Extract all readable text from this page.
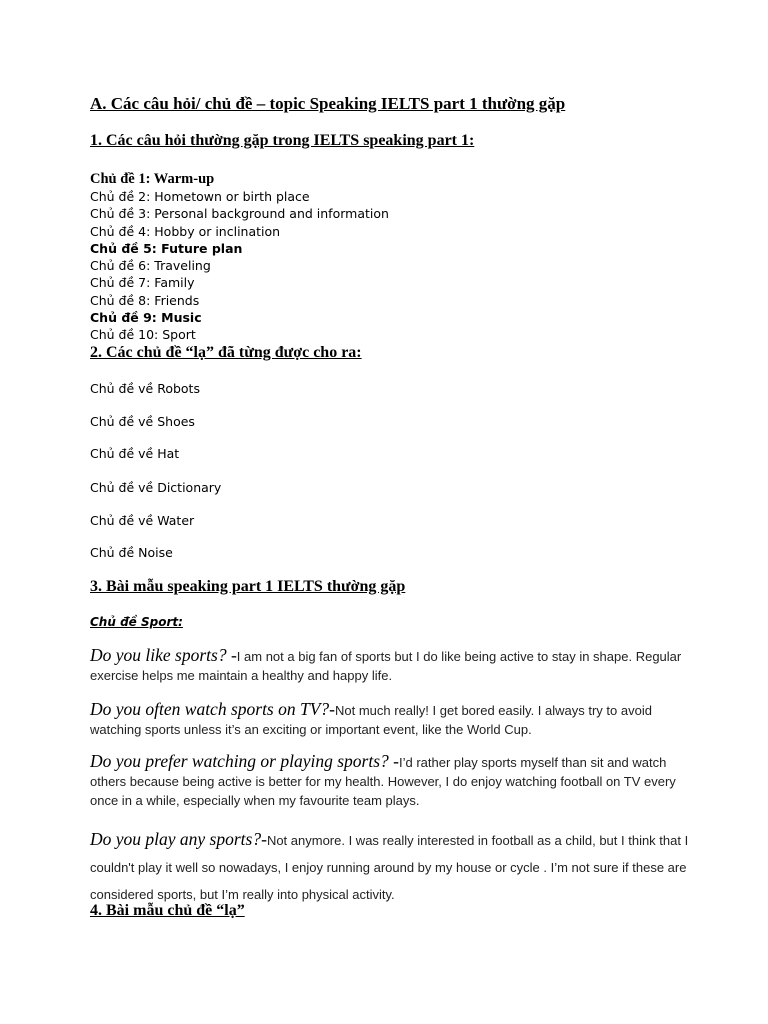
A. Các câu hỏi/ chủ đề – topic Speaking IELTS part 1 thường gặp
1. Các câu hỏi thường gặp trong IELTS speaking part 1:
Chủ đề 1: Warm-up
Chủ đề 2: Hometown or birth place
Chủ đề 3: Personal background and information
Chủ đề 4: Hobby or inclination
Chủ đề 5: Future plan
Chủ đề 6: Traveling
Chủ đề 7: Family
Chủ đề 8: Friends
Chủ đề 9: Music
Chủ đề 10: Sport
2. Các chủ đề “lạ” đã từng được cho ra:
Chủ đề về Robots
Chủ đề về Shoes
Chủ đề về Hat
Chủ đề về Dictionary
Chủ đề về Water
Chủ đề Noise
3. Bài mẫu speaking part 1 IELTS thường gặp
Chủ đề Sport:
Do you like sports? -I am not a big fan of sports but I do like being active to stay in shape. Regular exercise helps me maintain a healthy and happy life.
Do you often watch sports on TV?-Not much really! I get bored easily. I always try to avoid watching sports unless it’s an exciting or important event, like the World Cup.
Do you prefer watching or playing sports? -I’d rather play sports myself than sit and watch others because being active is better for my health. However, I do enjoy watching football on TV every once in a while, especially when my favourite team plays.
Do you play any sports?-Not anymore. I was really interested in football as a child, but I think that I couldn't play it well so nowadays, I enjoy running around by my house or cycle . I’m not sure if these are considered sports, but I’m really into physical activity.
4. Bài mẫu chủ đề “lạ”
